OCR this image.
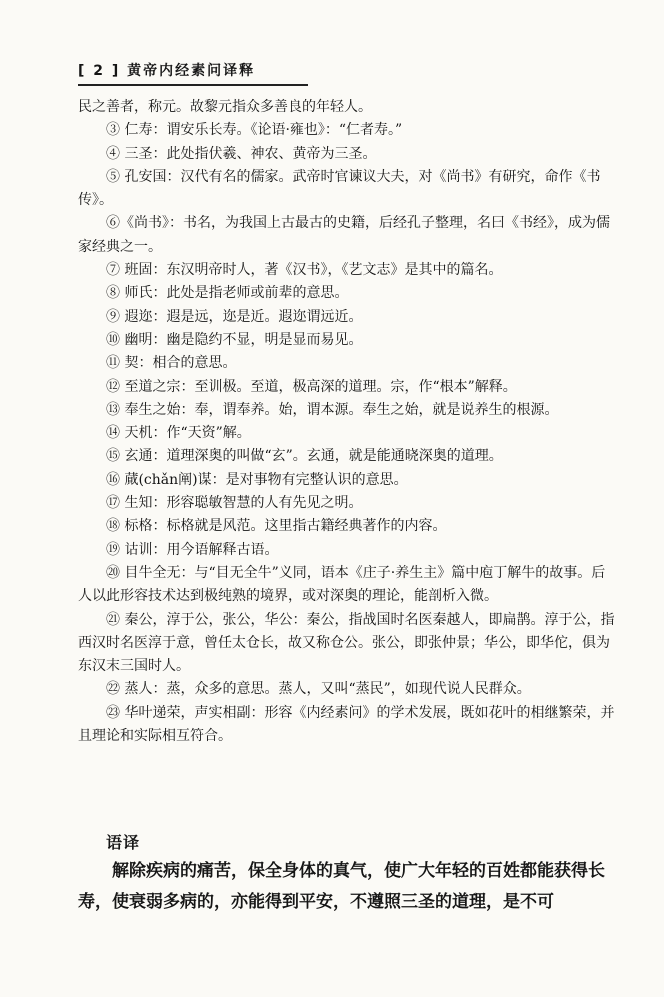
[ 2 ] 黄帝内经素问译释

民之善者，称元。故黎元指众多善良的年轻人。

③ 仁寿：谓安乐长寿。《论语·雍也》：“仁者寿。”

④ 三圣：此处指伏羲、神农、黄帝为三圣。

⑤ 孔安国：汉代有名的儒家。武帝时官谏议大夫，对《尚书》有研究，命作《书传》。

⑥《尚书》：书名，为我国上古最古的史籍，后经孔子整理，名曰《书经》，成为儒家经典之一。

⑦ 班固：东汉明帝时人，著《汉书》，《艺文志》是其中的篇名。

⑧ 师氏：此处是指老师或前辈的意思。

⑨ 遐迩：遐是远，迩是近。遐迩谓远近。

⑩ 幽明：幽是隐约不显，明是显而易见。

⑪ 契：相合的意思。

⑫ 至道之宗：至训极。至道，极高深的道理。宗，作“根本”解释。

⑬ 奉生之始：奉，谓奉养。始，谓本源。奉生之始，就是说养生的根源。

⑭ 天机：作“天资”解。

⑮ 玄通：道理深奥的叫做“玄”。玄通，就是能通晓深奥的道理。

⑯ 蕆(chǎn阐)谋：是对事物有完整认识的意思。

⑰ 生知：形容聪敏智慧的人有先见之明。

⑱ 标格：标格就是风范。这里指古籍经典著作的内容。

⑲ 诂训：用今语解释古语。

⑳ 目牛全无：与“目无全牛”义同，语本《庄子·养生主》篇中庖丁解牛的故事。后人以此形容技术达到极纯熟的境界，或对深奥的理论，能剖析入微。

㉑ 秦公，淳于公，张公，华公：秦公，指战国时名医秦越人，即扁鹊。淳于公，指西汉时名医淳于意，曾任太仓长，故又称仓公。张公，即张仲景；华公，即华佗，俱为东汉末三国时人。

㉒ 蒸人：蒸，众多的意思。蒸人，又叫“蒸民”，如现代说人民群众。

㉓ 华叶递荣，声实相副：形容《内经素问》的学术发展，既如花叶的相继繁荣，并且理论和实际相互符合。

语译

解除疾病的痛苦，保全身体的真气，使广大年轻的百姓都能获得长寿，使衰弱多病的，亦能得到平安，不遵照三圣的道理，是不可
